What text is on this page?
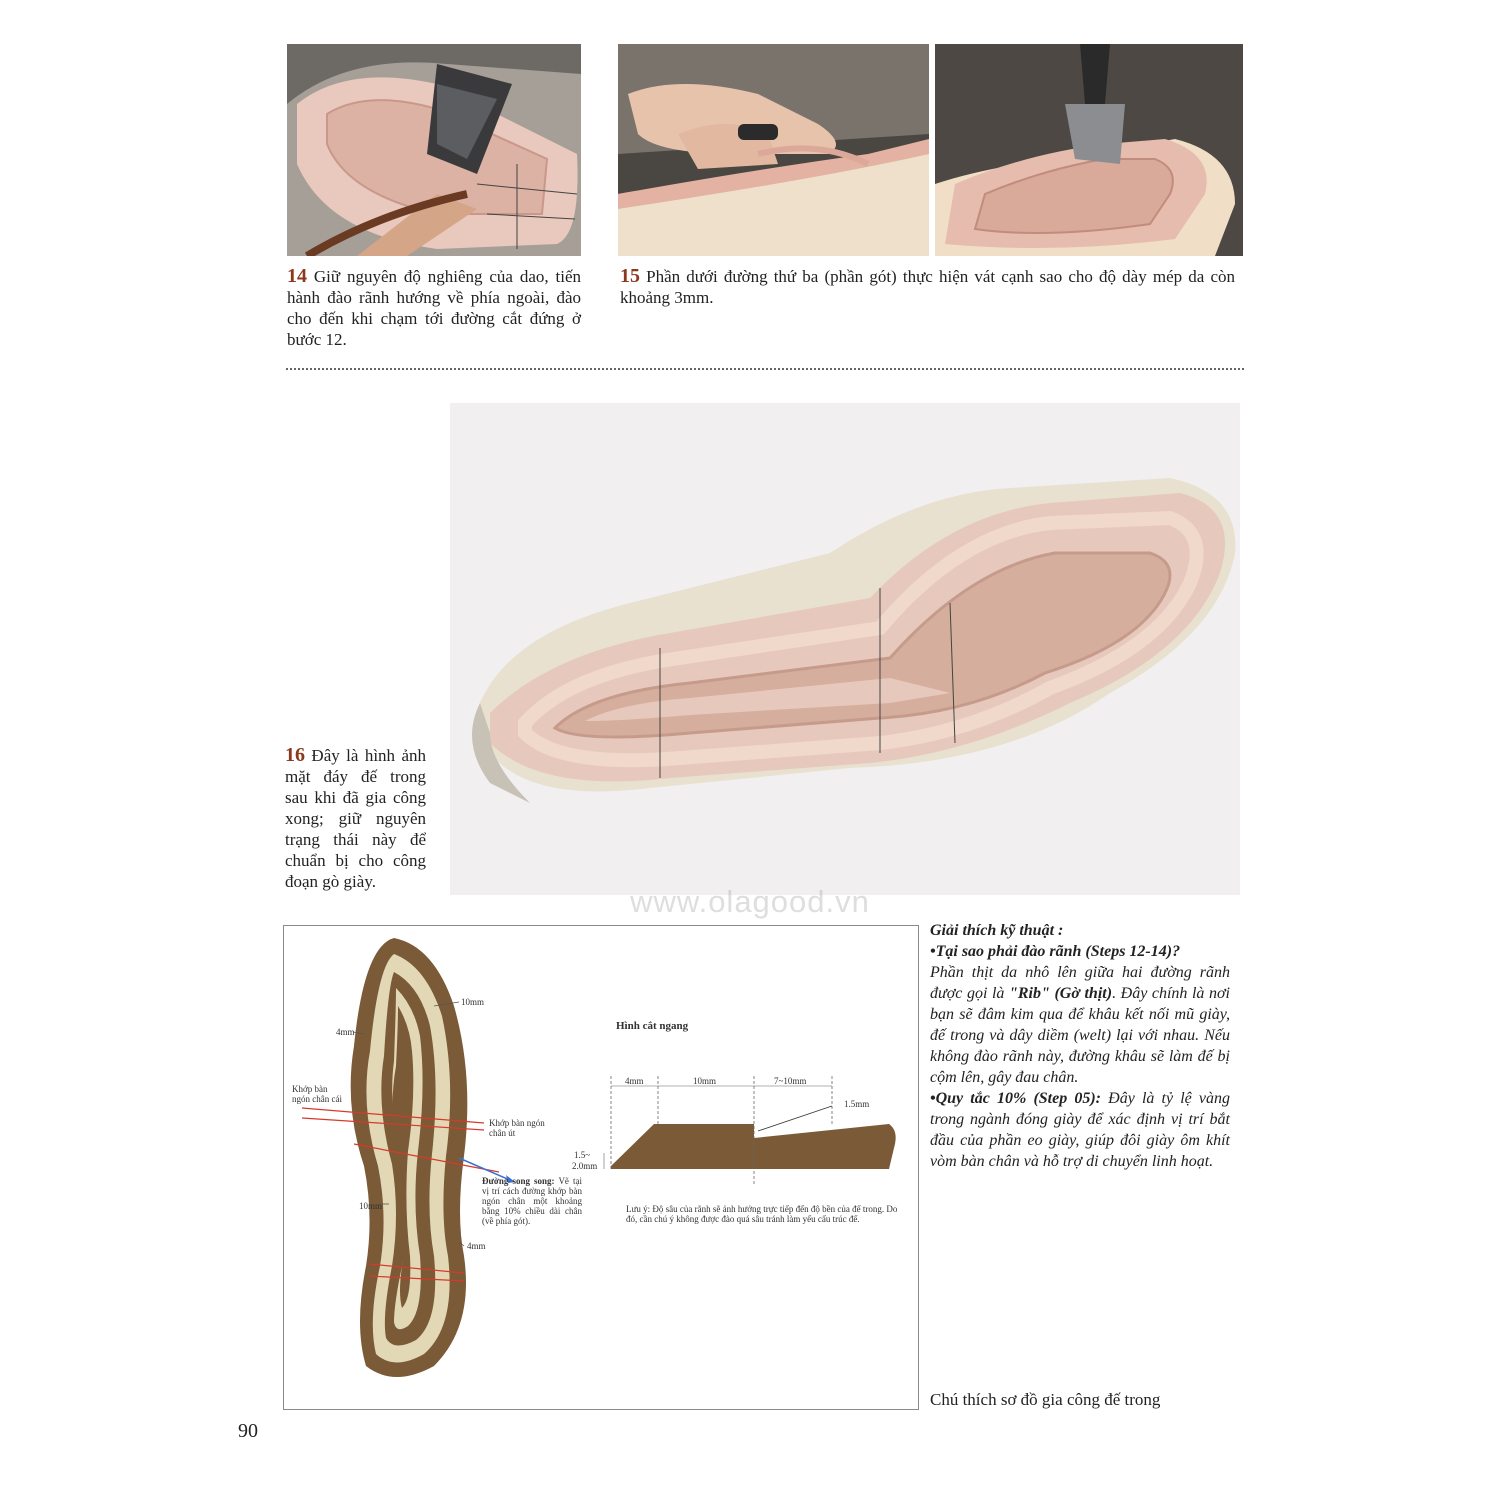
14 Giữ nguyên độ nghiêng của dao, tiến hành đào rãnh hướng về phía ngoài, đào cho đến khi chạm tới đường cắt đứng ở bước 12.
15 Phần dưới đường thứ ba (phần gót) thực hiện vát cạnh sao cho độ dày mép da còn khoảng 3mm.
16 Đây là hình ảnh mặt đáy đế trong sau khi đã gia công xong; giữ nguyên trạng thái này để chuẩn bị cho công đoạn gò giày.
www.olagood.vn
10mm
4mm
Khớp bàn ngón chân cái
Khớp bàn ngón chân út
Đường song song: Vẽ tại vị trí cách đường khớp bàn ngón chân một khoảng bằng 10% chiều dài chân (về phía gót).
10mm
4mm
Hình cắt ngang
4mm	10mm	7~10mm
1.5mm
1.5~
2.0mm
Lưu ý: Độ sâu của rãnh sẽ ảnh hưởng trực tiếp đến độ bền của đế trong. Do đó, cần chú ý không được đào quá sâu tránh làm yếu cấu trúc đế.
Giải thích kỹ thuật :
•Tại sao phải đào rãnh (Steps 12-14)?
Phần thịt da nhô lên giữa hai đường rãnh được gọi là "Rib" (Gờ thịt). Đây chính là nơi bạn sẽ đâm kim qua để khâu kết nối mũ giày, đế trong và dây diềm (welt) lại với nhau. Nếu không đào rãnh này, đường khâu sẽ làm đế bị cộm lên, gây đau chân.
•Quy tắc 10% (Step 05): Đây là tỷ lệ vàng trong ngành đóng giày để xác định vị trí bắt đầu của phần eo giày, giúp đôi giày ôm khít vòm bàn chân và hỗ trợ di chuyển linh hoạt.
Chú thích sơ đồ gia công đế trong
90
